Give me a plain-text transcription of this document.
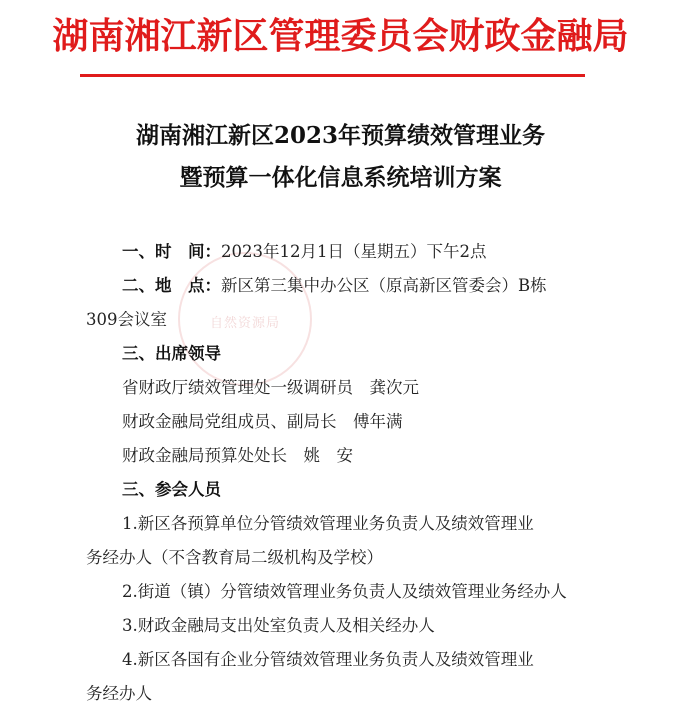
湖南湘江新区管理委员会财政金融局
湖南湘江新区2023年预算绩效管理业务
暨预算一体化信息系统培训方案
自然资源局
一、时　间：2023年12月1日（星期五）下午2点
二、地　点：新区第三集中办公区（原高新区管委会）B栋
309会议室
三、出席领导
省财政厅绩效管理处一级调研员　龚次元
财政金融局党组成员、副局长　傅年满
财政金融局预算处处长　姚　安
三、参会人员
1.新区各预算单位分管绩效管理业务负责人及绩效管理业
务经办人（不含教育局二级机构及学校）
2.街道（镇）分管绩效管理业务负责人及绩效管理业务经办人
3.财政金融局支出处室负责人及相关经办人
4.新区各国有企业分管绩效管理业务负责人及绩效管理业
务经办人
